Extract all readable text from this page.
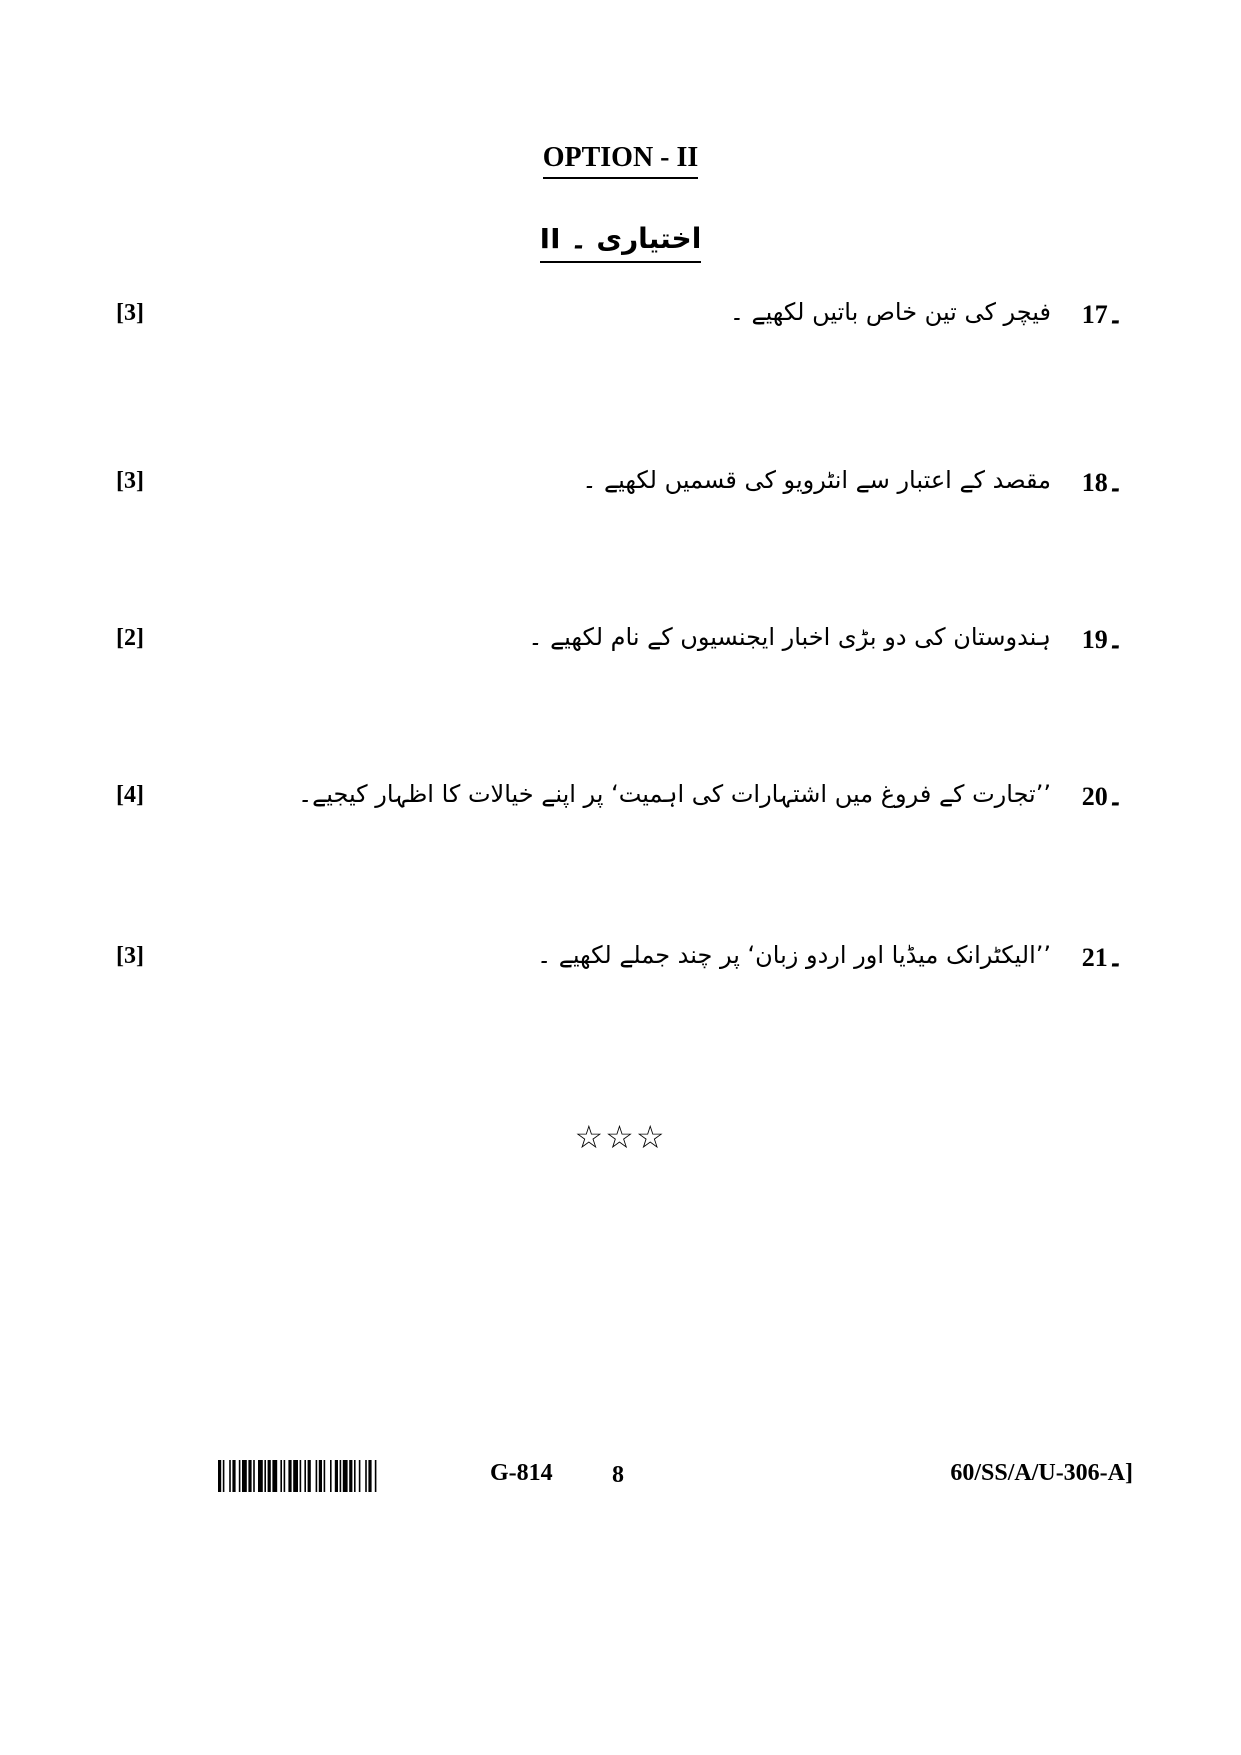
OPTION - II
اختیاری ۔ II
[3]	فیچر کی تین خاص باتیں لکھیے ۔ 17۔
[3]	مقصد کے اعتبار سے انٹرویو کی قسمیں لکھیے ۔ 18۔
[2]	ہندوستان کی دو بڑی اخبار ایجنسیوں کے نام لکھیے ۔ 19۔
[4]	’’تجارت کے فروغ میں اشتہارات کی اہمیت‘ پر اپنے خیالات کا اظہار کیجیے۔ 20۔
[3]	’’الیکٹرانک میڈیا اور اردو زبان‘ پر چند جملے لکھیے ۔ 21۔
☆☆☆
G-814 8	60/SS/A/U-306-A]
